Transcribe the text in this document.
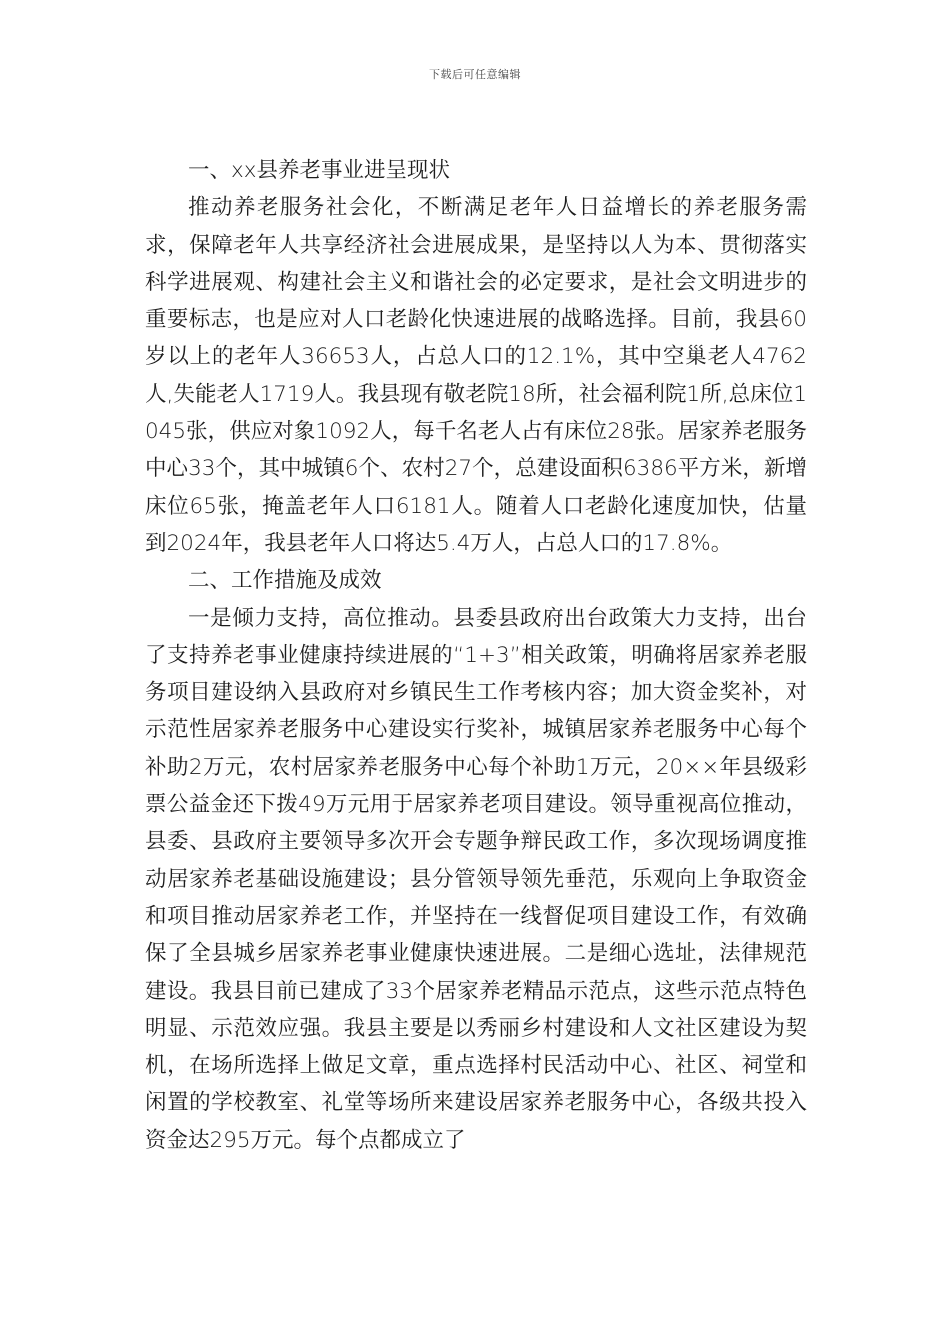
下载后可任意编辑

一、xx县养老事业进呈现状

推动养老服务社会化，不断满足老年人日益增长的养老服务需求，保障老年人共享经济社会进展成果，是坚持以人为本、贯彻落实科学进展观、构建社会主义和谐社会的必定要求，是社会文明进步的重要标志，也是应对人口老龄化快速进展的战略选择。目前，我县60岁以上的老年人36653人，占总人口的12.1%，其中空巢老人4762人,失能老人1719人。我县现有敬老院18所，社会福利院1所,总床位1045张，供应对象1092人，每千名老人占有床位28张。居家养老服务中心33个，其中城镇6个、农村27个，总建设面积6386平方米，新增床位65张，掩盖老年人口6181人。随着人口老龄化速度加快，估量到2024年，我县老年人口将达5.4万人，占总人口的17.8%。

二、工作措施及成效

一是倾力支持，高位推动。县委县政府出台政策大力支持，出台了支持养老事业健康持续进展的“1+3”相关政策，明确将居家养老服务项目建设纳入县政府对乡镇民生工作考核内容；加大资金奖补，对示范性居家养老服务中心建设实行奖补，城镇居家养老服务中心每个补助2万元，农村居家养老服务中心每个补助1万元，20××年县级彩票公益金还下拨49万元用于居家养老项目建设。领导重视高位推动，县委、县政府主要领导多次开会专题争辩民政工作，多次现场调度推动居家养老基础设施建设；县分管领导领先垂范，乐观向上争取资金和项目推动居家养老工作，并坚持在一线督促项目建设工作，有效确保了全县城乡居家养老事业健康快速进展。二是细心选址，法律规范建设。我县目前已建成了33个居家养老精品示范点，这些示范点特色明显、示范效应强。我县主要是以秀丽乡村建设和人文社区建设为契机，在场所选择上做足文章，重点选择村民活动中心、社区、祠堂和闲置的学校教室、礼堂等场所来建设居家养老服务中心，各级共投入资金达295万元。每个点都成立了
